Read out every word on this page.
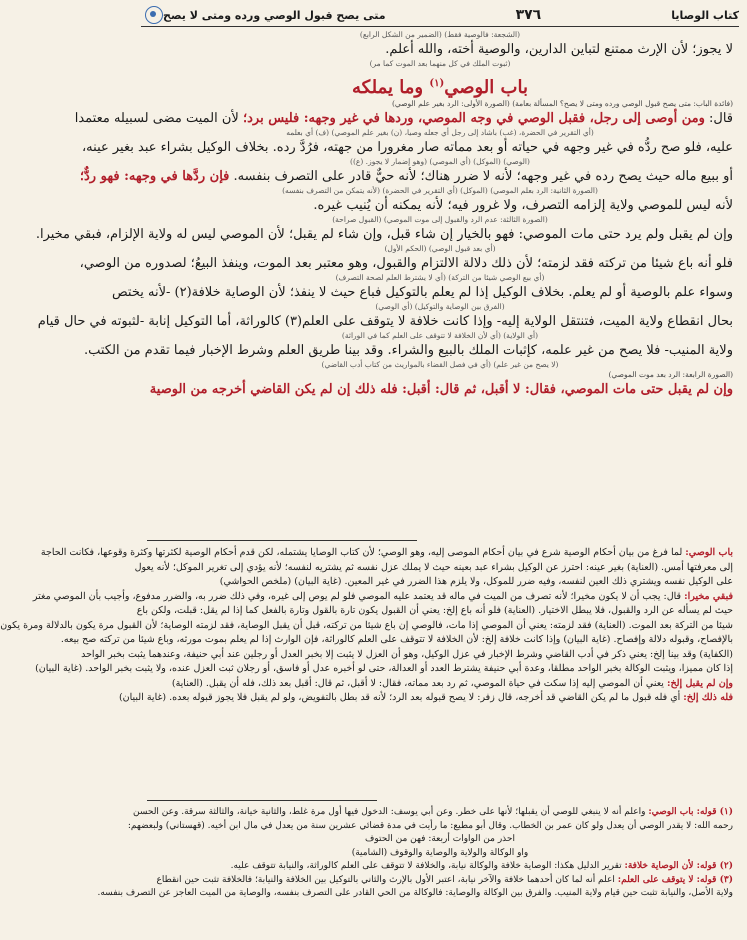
كتاب الوصايا
٣٧٦
متى يصح قبول الوصي ورده ومتى لا يصح
(الشجعة: فالوصية فقط) (الضمير من الشكل الرابع)
لا يجوز؛ لأن الإرث ممتنع لتباين الدارين، والوصية أخته، والله أعلم.
(ثبوت الملك في كل منهما بعد الموت كما مر)
باب الوصي$^{(١)}$ وما يملكه
(فائدة الباب: متى يصح قبول الوصي ورده ومتى لا يصح؟ المسألة بعامة) (الصورة الأولى: الرد بغير علم الوصي)
قال: ومن أوصى إلى رجل، فقبل الوصي في وجه الموصي، وردها في غير وجهه: فليس برد؛ لأن الميت مضى لسبيله معتمدا
(أي التقرير في الحضرة، (غب) باشاد إلى رجل أي جعله وصيا، (ن) بغير علم الموصي) (ف) أي بعلمه
عليه، فلو صح ردُّه في غير وجهه في حياته أو بعد مماته صار مغرورا من جهته، فرُدَّ رده. بخلاف الوكيل بشراء عبد بغير عينه،
(الوصي) (الموكل) (أي الموصي) (وهو إضمار لا يجوز. (ع))
أو ببيع ماله حيث يصح رده في غير وجهه؛ لأنه لا ضرر هناك؛ لأنه حيٌّ قادر على التصرف بنفسه. فإن ردَّها في وجهه: فهو ردٌّ؛
(الصورة الثانية: الرد بعلم الموصي) (الموكل) (أي التقرير في الحضرة) (لأنه يتمكن من التصرف بنفسه)
لأنه ليس للموصي ولاية إلزامه التصرف، ولا غرور فيه؛ لأنه يمكنه أن يُنيب غيره.
(الصورة الثالثة: عدم الرد والقبول إلى موت الموصي) (القبول صراحة)
وإن لم يقبل ولم يرد حتى مات الموصي: فهو بالخيار إن شاء قبل، وإن شاء لم يقبل؛ لأن الموصي ليس له ولاية الإلزام، فبقي مخيرا.
(أي بعد قبول الوصي) (الحكم الأول)
فلو أنه باع شيئا من تركته فقد لزمته؛ لأن ذلك دلالة الالتزام والقبول، وهو معتبر بعد الموت، وينفذ البيعُ؛ لصدوره من الوصي،
(أي بيع الوصي شيئا من التركة) (أي لا يشترط العلم لصحة التصرف)
وسواء علم بالوصية أو لم يعلم. بخلاف الوكيل إذا لم يعلم بالتوكيل فباع حيث لا ينفذ؛ لأن الوصاية خلافة(٢) -لأنه يختص
(الفرق بين الوصاية والتوكيل) (أي الوصي)
بحال انقطاع ولاية الميت، فتنتقل الولاية إليه- وإذا كانت خلافة لا يتوقف على العلم(٣) كالوراثة، أما التوكيل إنابة -لثبوته في حال قيام
(أي الولاية) (أي لأن الخلافة لا تتوقف على العلم كما في الوراثة)
ولاية المنيب- فلا يصح من غير علمه، كإثبات الملك بالبيع والشراء. وقد بينا طريق العلم وشرط الإخبار فيما تقدم من الكتب.
(لا يصح من غير علم) (أي في فصل القضاء بالمواريث من كتاب أدب القاضي)
(الصورة الرابعة: الرد بعد موت الموصي)
وإن لم يقبل حتى مات الموصي، فقال: لا أقبل، ثم قال: أقبل: فله ذلك إن لم يكن القاضي أخرجه من الوصية
باب الوصي: لما فرغ من بيان أحكام الوصية شرع في بيان أحكام الموصى إليه، وهو الوصي؛ لأن كتاب الوصايا يشتمله، لكن قدم أحكام الوصية لكثرتها وكثرة وقوعها، فكانت الحاجة
إلى معرفتها أمس. (العناية) بغير عينه: احترز عن الوكيل بشراء عبد بعينه حيث لا يملك عزل نفسه ثم يشتريه لنفسه؛ لأنه يؤدي إلى تغرير الموكل؛ لأنه يعول
على الوكيل نفسه ويشتري ذلك العين لنفسه، وفيه ضرر للموكل، ولا يلزم هذا الضرر في غير المعين. (غاية البيان) (ملخص الحواشي)
فبقي مخيرا: قال: يجب أن لا يكون مخيرا؛ لأنه تصرف من الميت في ماله قد يعتمد عليه الموصي فلو لم يوص إلى غيره، وفي ذلك ضرر به، والضرر مدفوع، وأجيب بأن الموصي مغتر
حيث لم يسأله عن الرد والقبول، فلا يبطل الاختيار. (العناية) فلو أنه باع إلخ: يعني أن القبول يكون تارة بالقول وتارة بالفعل كما إذا لم يقل: قبلت، ولكن باع
شيئا من التركة بعد الموت. (العناية) فقد لزمته: يعني أن الموصي إذا مات، فالوصي إن باع شيئا من تركته، قبل أن يقبل الوصاية، فقد لزمته الوصاية؛ لأن القبول مرة يكون بالدلالة ومرة يكون
بالإفصاح، وقبوله دلالة وإفصاح. (غاية البيان) وإذا كانت خلافة إلخ: لأن الخلافة لا تتوقف على العلم كالوراثة، فإن الوارث إذا لم يعلم بموت مورثه، وباع شيئا من تركته صح بيعه.
(الكفاية) وقد بينا إلخ: يعني ذكر في أدب القاضي وشرط الإخبار في عزل الوكيل، وهو أن العزل لا يثبت إلا بخبر العدل أو رجلين عند أبي حنيفة، وعندهما يثبت بخبر الواحد
إذا كان مميزا، ويثبت الوكالة بخبر الواحد مطلقا، وعدة أبي حنيفة يشترط العدد أو العدالة، حتى لو أخبره عدل أو فاسق، أو رجلان ثبت العزل عنده، ولا يثبت بخبر الواحد. (غاية البيان)
وإن لم يقبل إلخ: يعني أن الموصي إليه إذا سكت في حياة الموصي، ثم رد بعد مماته، فقال: لا أقبل، ثم قال: أقبل بعد ذلك، فله أن يقبل. (العناية)
فله ذلك إلخ: أي فله قبول ما لم يكن القاضي قد أخرجه، قال زفر: لا يصح قبوله بعد الرد؛ لأنه قد بطل بالتفويض، ولو لم يقبل فلا يجوز قبوله بعده. (غاية البيان)
(١) قوله: باب الوصي: واعلم أنه لا ينبغي للوصي أن يقبلها؛ لأنها على خطر. وعن أبي يوسف: الدخول فيها أول مرة غلط، والثانية خيانة، والثالثة سرقة. وعن الحسن
رحمه الله: لا يقدر الوصي أن يعدل ولو كان عمر بن الخطاب. وقال أبو مطيع: ما رأيت في مدة قضائي عشرين سنة من يعدل في مال ابن أخيه. (قهستاني) ولبعضهم:
احذر من الواوات أربعة: فهن من الحتوف
واو الوكالة والولاية والوصاية والوقوف (الشامية)
(٢) قوله: لأن الوصاية خلافة: تقرير الدليل هكذا: الوصاية خلافة والوكالة نيابة، والخلافة لا تتوقف على العلم كالوراثة، والنيابة تتوقف عليه.
(٣) قوله: لا يتوقف على العلم: اعلم أنه لما كان أحدهما خلافة والآخر نيابة، اعتبر الأول بالإرث والثاني بالتوكيل بين الخلافة والنيابة؛ فالخلافة تثبت حين انقطاع
ولاية الأصل، والنيابة تثبت حين قيام ولاية المنيب. والفرق بين الوكالة والوصاية: فالوكالة من الحي القادر على التصرف بنفسه، والوصاية من الميت العاجز عن التصرف بنفسه.
